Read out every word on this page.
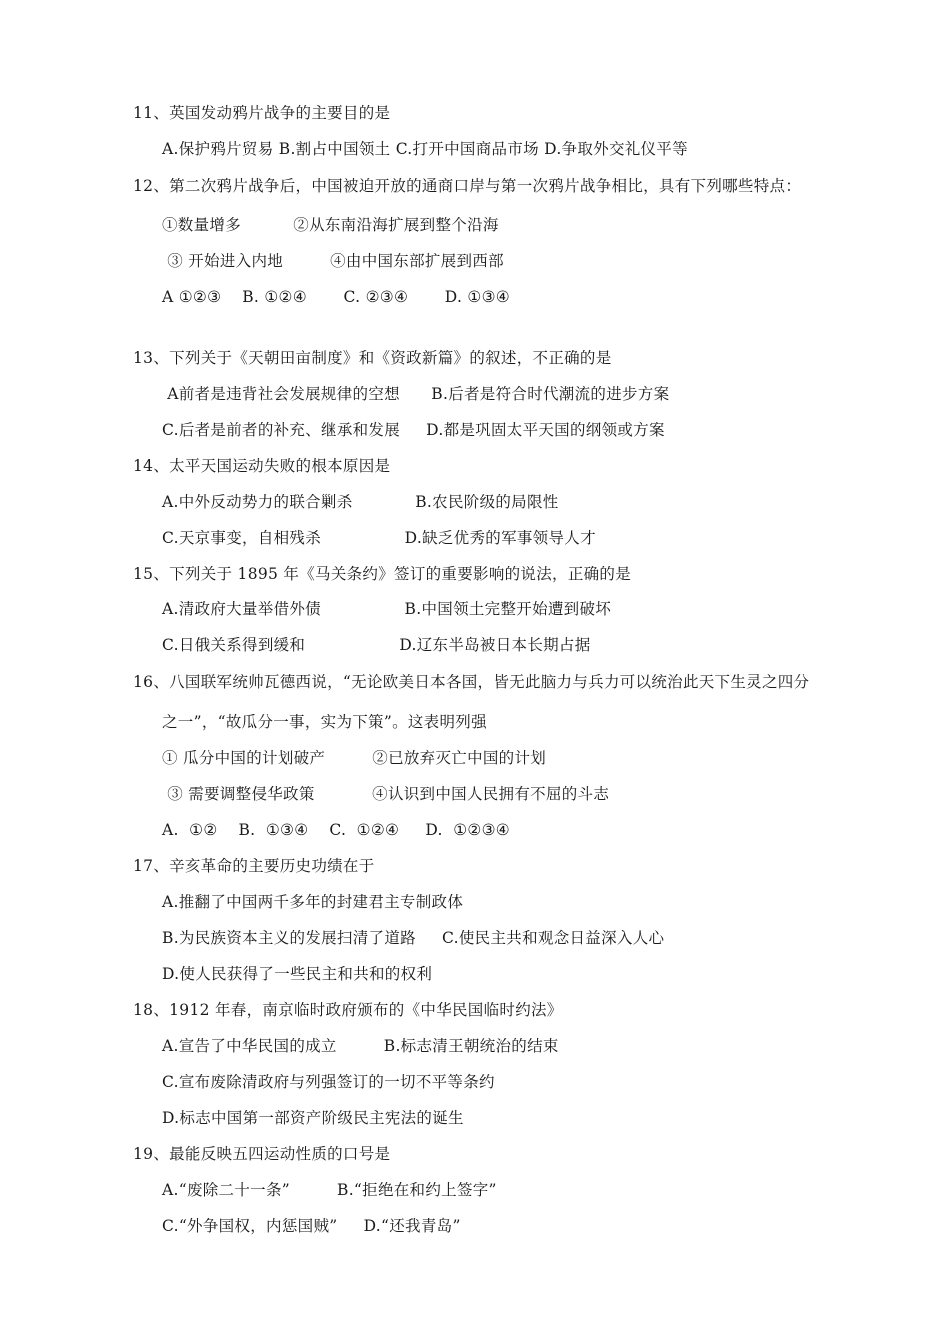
11、英国发动鸦片战争的主要目的是
A.保护鸦片贸易 B.割占中国领土 C.打开中国商品市场 D.争取外交礼仪平等
12、第二次鸦片战争后，中国被迫开放的通商口岸与第一次鸦片战争相比，具有下列哪些特点：
①数量增多          ②从东南沿海扩展到整个沿海
③ 开始进入内地         ④由中国东部扩展到西部
A ①②③    B. ①②④       C. ②③④       D. ①③④
13、下列关于《天朝田亩制度》和《资政新篇》的叙述，不正确的是
A前者是违背社会发展规律的空想      B.后者是符合时代潮流的进步方案
C.后者是前者的补充、继承和发展     D.都是巩固太平天国的纲领或方案
14、太平天国运动失败的根本原因是
A.中外反动势力的联合剿杀            B.农民阶级的局限性
C.天京事变，自相残杀                D.缺乏优秀的军事领导人才
15、下列关于 1895 年《马关条约》签订的重要影响的说法，正确的是
A.清政府大量举借外债                B.中国领土完整开始遭到破坏
C.日俄关系得到缓和                  D.辽东半岛被日本长期占据
16、八国联军统帅瓦德西说，“无论欧美日本各国，皆无此脑力与兵力可以统治此天下生灵之四分
之一”，“故瓜分一事，实为下策”。这表明列强
① 瓜分中国的计划破产         ②已放弃灭亡中国的计划
③ 需要调整侵华政策           ④认识到中国人民拥有不屈的斗志
A.  ①②    B.  ①③④    C.  ①②④     D.  ①②③④
17、辛亥革命的主要历史功绩在于
A.推翻了中国两千多年的封建君主专制政体
B.为民族资本主义的发展扫清了道路     C.使民主共和观念日益深入人心
D.使人民获得了一些民主和共和的权利
18、1912 年春，南京临时政府颁布的《中华民国临时约法》
A.宣告了中华民国的成立         B.标志清王朝统治的结束
C.宣布废除清政府与列强签订的一切不平等条约
D.标志中国第一部资产阶级民主宪法的诞生
19、最能反映五四运动性质的口号是
A.“废除二十一条”         B.“拒绝在和约上签字”
C.“外争国权，内惩国贼”     D.“还我青岛”
